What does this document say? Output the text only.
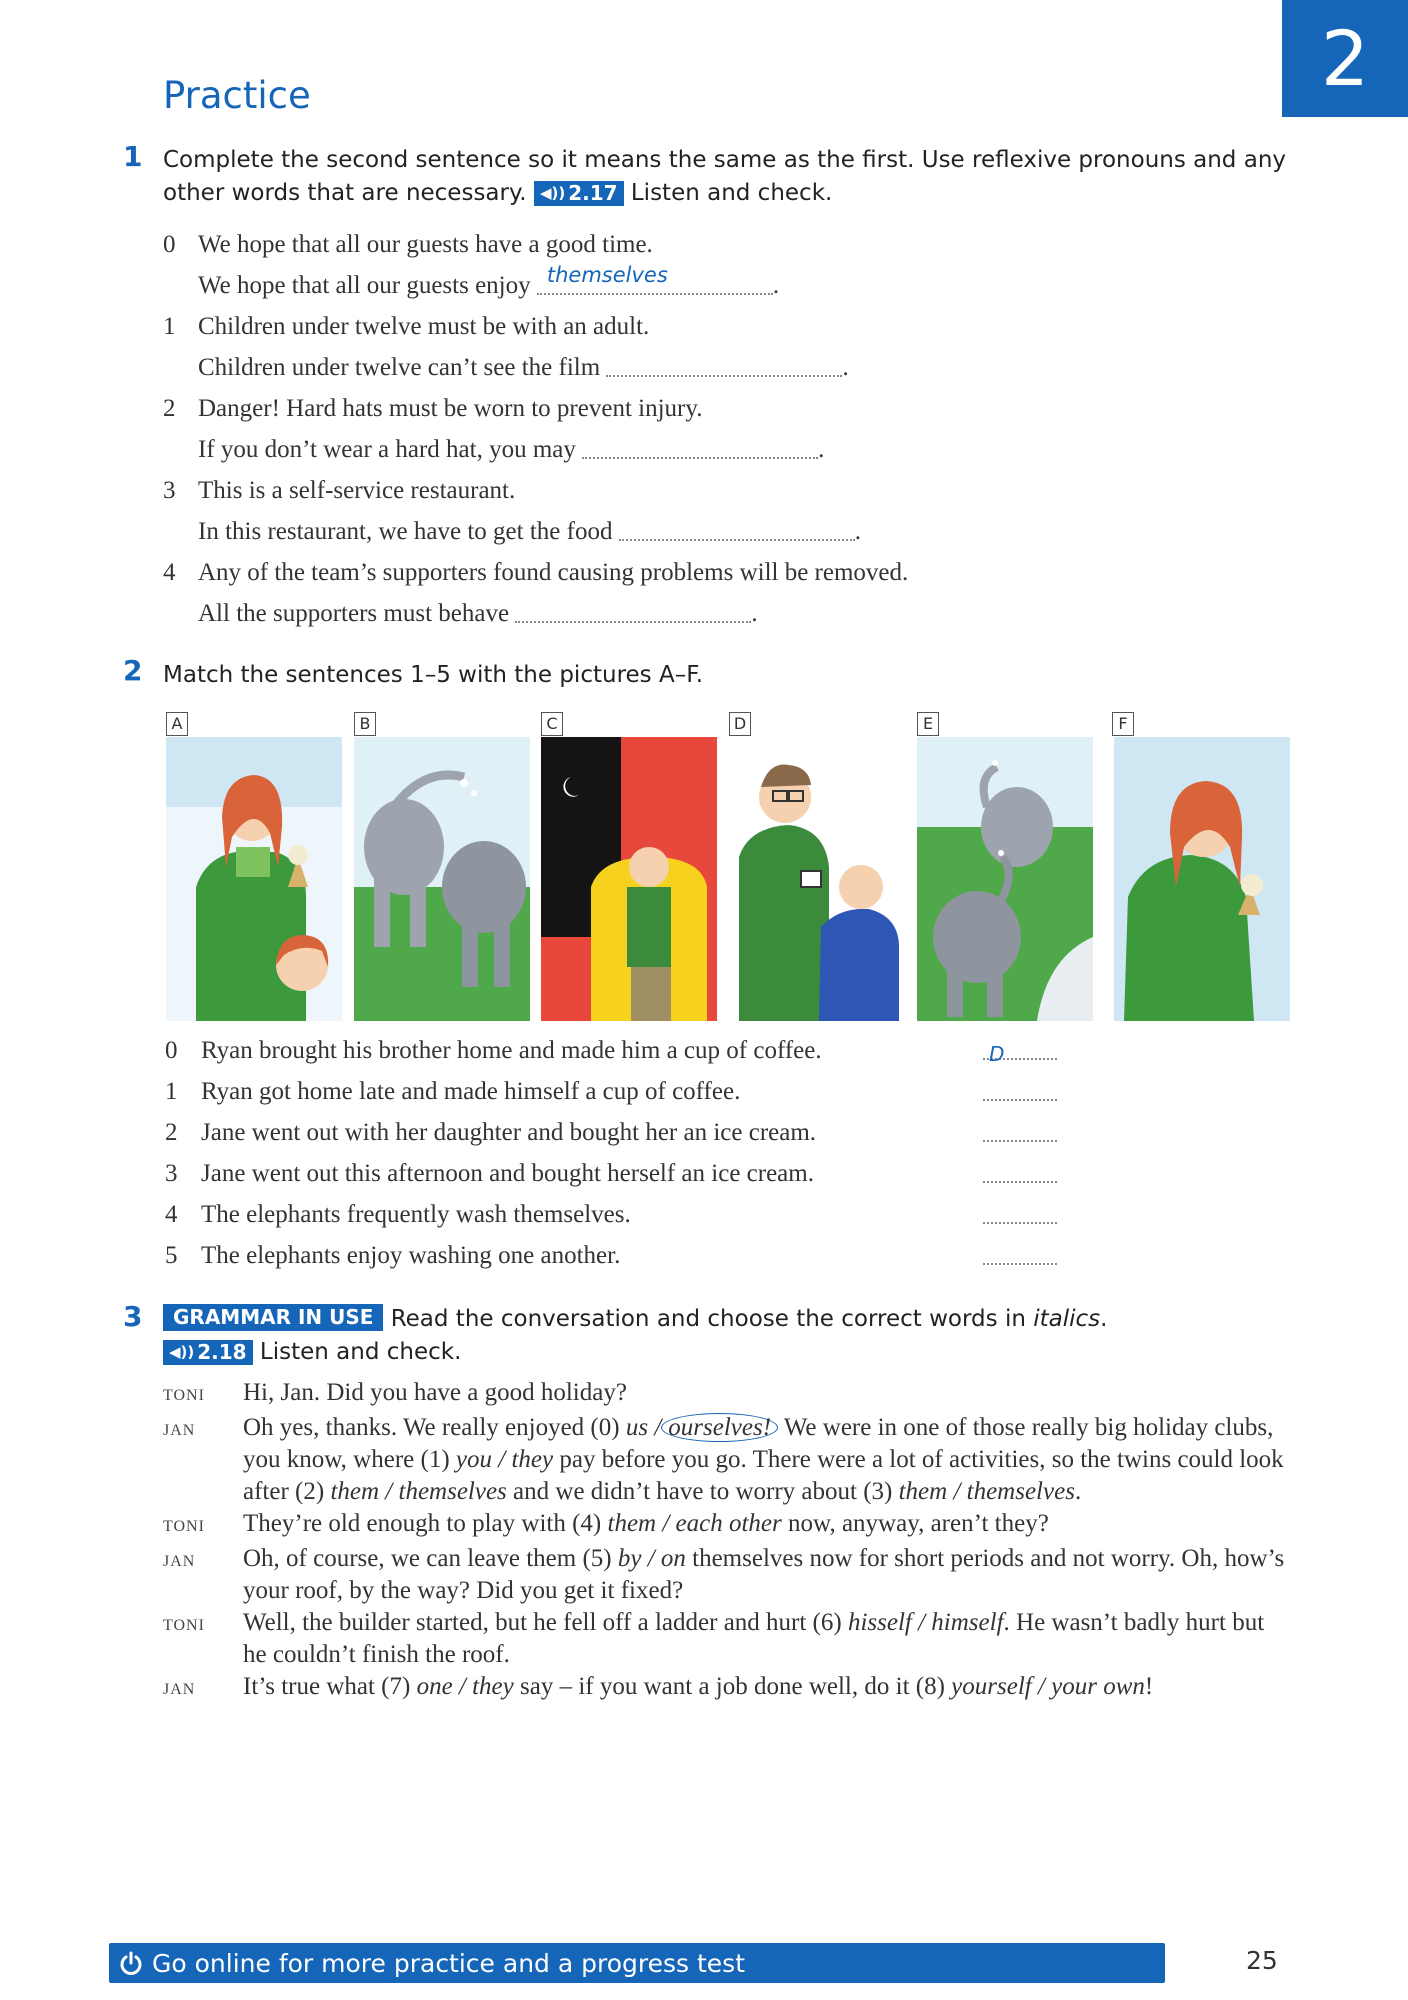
2
Practice
1 Complete the second sentence so it means the same as the first. Use reflexive pronouns and any other words that are necessary. ◀)) 2.17 Listen and check.

0 We hope that all our guests have a good time.
We hope that all our guests enjoy themselves	.
1 Children under twelve must be with an adult.
Children under twelve can’t see the film	.
2 Danger! Hard hats must be worn to prevent injury.
If you don’t wear a hard hat, you may	.
3 This is a self-service restaurant.
In this restaurant, we have to get the food	.
4 Any of the team’s supporters found causing problems will be removed.
All the supporters must behave	.
2 Match the sentences 1–5 with the pictures A–F.

A	B	C	D	E	F
0 Ryan brought his brother home and made him a cup of coffee.	D
1 Ryan got home late and made himself a cup of coffee.
2 Jane went out with her daughter and bought her an ice cream.
3 Jane went out this afternoon and bought herself an ice cream.
4 The elephants frequently wash themselves.
5 The elephants enjoy washing one another.
3	GRAMMAR IN USE Read the conversation and choose the correct words in italics.

◀)) 2.18 Listen and check.

TONI	Hi, Jan. Did you have a good holiday?
JAN	Oh yes, thanks. We really enjoyed (0) us / ourselves! We were in one of those really big holiday clubs, you know, where (1) you / they pay before you go. There were a lot of activities, so the twins could look after (2) them / themselves and we didn’t have to worry about (3) them / themselves.
TONI	They’re old enough to play with (4) them / each other now, anyway, aren’t they?
JAN	Oh, of course, we can leave them (5) by / on themselves now for short periods and not worry. Oh, how’s your roof, by the way? Did you get it fixed?
TONI	Well, the builder started, but he fell off a ladder and hurt (6) hisself / himself. He wasn’t badly hurt but he couldn’t finish the roof.
JAN	It’s true what (7) one / they say – if you want a job done well, do it (8) yourself / your own!
Go online for more practice and a progress test	25
